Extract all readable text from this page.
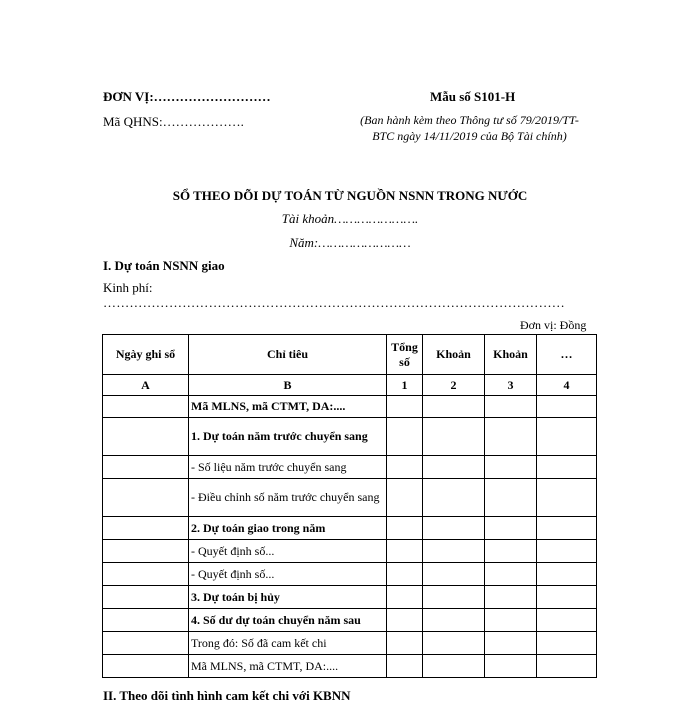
ĐƠN VỊ:………………………
Mã QHNS:……………….
Mẫu số S101-H
(Ban hành kèm theo Thông tư số 79/2019/TT-BTC ngày 14/11/2019 của Bộ Tài chính)
SỔ THEO DÕI DỰ TOÁN TỪ NGUỒN NSNN TRONG NƯỚC
Tài khoản………………….
Năm:……………………
I. Dự toán NSNN giao
Kinh phí:
……………………………………………………………………………………………
Đơn vị: Đồng
Ngày ghi sổ	Chỉ tiêu	Tổng số	Khoản	Khoản	…
A	B	1	2	3	4
	Mã MLNS, mã CTMT, DA:....				
	1. Dự toán năm trước chuyển sang				
	- Số liệu năm trước chuyển sang				
	- Điều chỉnh số năm trước chuyển sang				
	2. Dự toán giao trong năm				
	- Quyết định số...				
	- Quyết định số...				
	3. Dự toán bị hủy				
	4. Số dư dự toán chuyển năm sau				
	Trong đó: Số đã cam kết chi				
	Mã MLNS, mã CTMT, DA:....				
II. Theo dõi tình hình cam kết chi với KBNN
